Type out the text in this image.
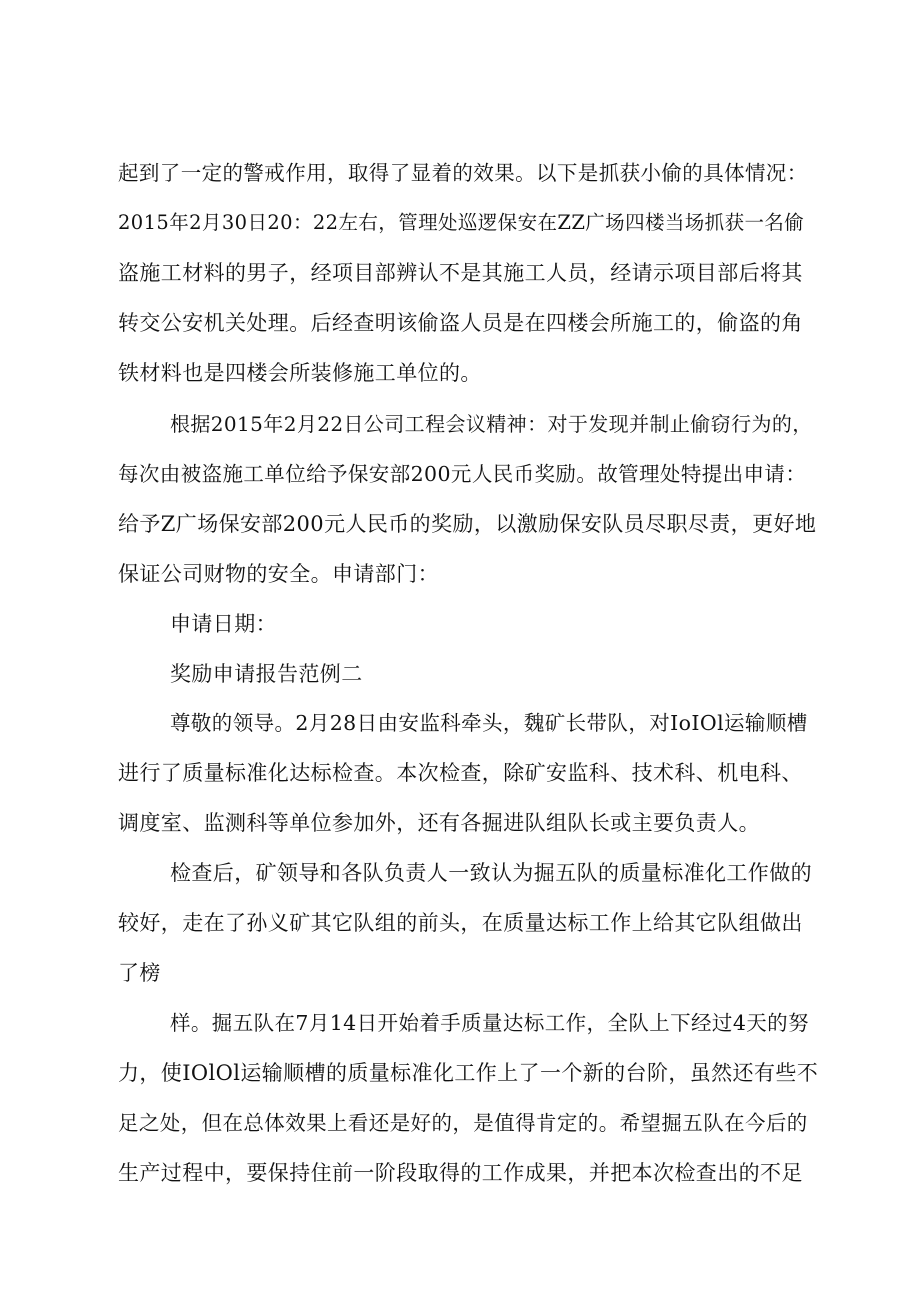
起到了一定的警戒作用，取得了显着的效果。以下是抓获小偷的具体情况：
2015年2月30日20：22左右，管理处巡逻保安在ZZ广场四楼当场抓获一名偷
盗施工材料的男子，经项目部辨认不是其施工人员，经请示项目部后将其
转交公安机关处理。后经查明该偷盗人员是在四楼会所施工的，偷盗的角
铁材料也是四楼会所装修施工单位的。
根据2015年2月22日公司工程会议精神：对于发现并制止偷窃行为的，
每次由被盗施工单位给予保安部200元人民币奖励。故管理处特提出申请：
给予Z广场保安部200元人民币的奖励，以激励保安队员尽职尽责，更好地
保证公司财物的安全。申请部门：
申请日期：
奖励申请报告范例二
尊敬的领导。2月28日由安监科牵头，魏矿长带队，对IoIOl运输顺槽
进行了质量标准化达标检查。本次检查，除矿安监科、技术科、机电科、
调度室、监测科等单位参加外，还有各掘进队组队长或主要负责人。
检查后，矿领导和各队负责人一致认为掘五队的质量标准化工作做的
较好，走在了孙义矿其它队组的前头，在质量达标工作上给其它队组做出
了榜
样。掘五队在7月14日开始着手质量达标工作，全队上下经过4天的努
力，使IOlOl运输顺槽的质量标准化工作上了一个新的台阶，虽然还有些不
足之处，但在总体效果上看还是好的，是值得肯定的。希望掘五队在今后的
生产过程中，要保持住前一阶段取得的工作成果，并把本次检查出的不足
